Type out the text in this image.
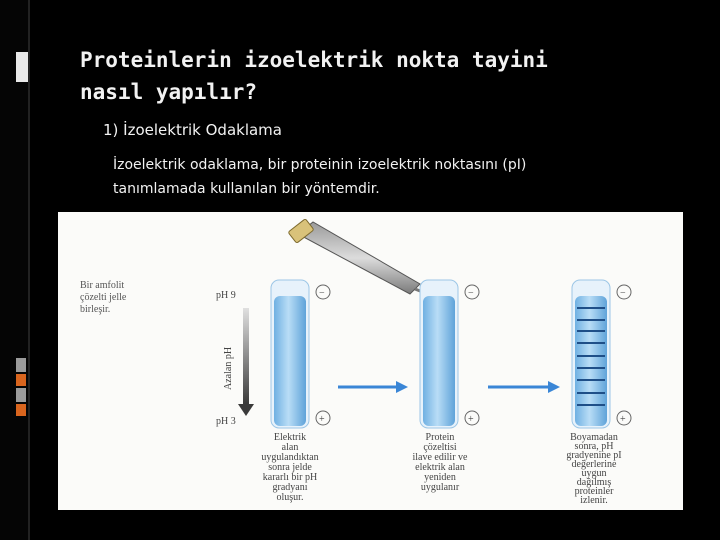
Proteinlerin izoelektrik nokta tayini
nasıl yapılır?
1) İzoelektrik Odaklama
İzoelektrik odaklama, bir proteinin izoelektrik noktasını (pI)
tanımlamada kullanılan bir yöntemdir.
Bir amfolit
çözelti jelle
birleşir.
pH 9
pH 3
Azalan pH
−
+
−
+
−
+
Elektrik
alan
uygulandıktan
sonra jelde
kararlı bir pH
gradyanı
oluşur.
Protein
çözeltisi
ilave edilir ve
elektrik alan
yeniden
uygulanır
Boyamadan
sonra, pH
gradyenine pI
değerlerine
uygun
dağılmış
proteinler
izlenir.
